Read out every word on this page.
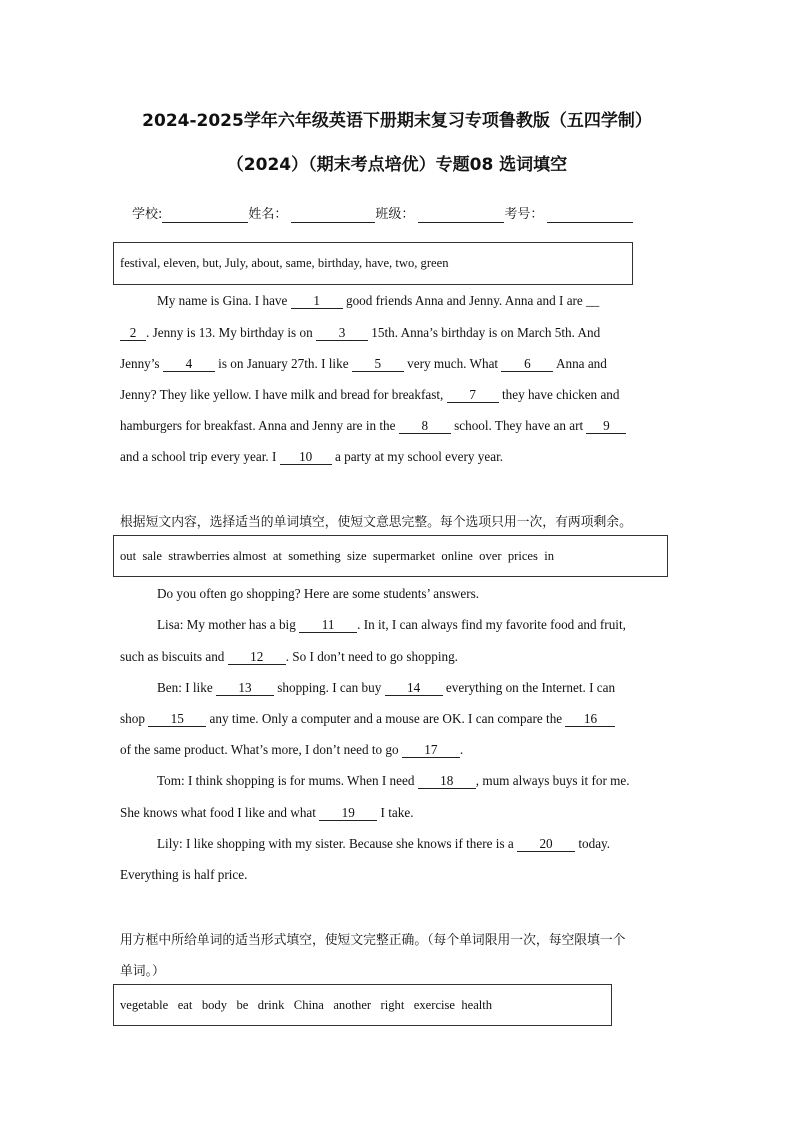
2024-2025学年六年级英语下册期末复习专项鲁教版（五四学制）
（2024）（期末考点培优）专题08 选词填空
学校:	姓名：	班级：	考号：
festival, eleven, but, July, about, same, birthday, have, two, green
My name is Gina. I have 1 good friends Anna and Jenny. Anna and I are __
2 . Jenny is 13. My birthday is on 3 15th. Anna’s birthday is on March 5th. And
Jenny’s 4 is on January 27th. I like 5 very much. What 6 Anna and
Jenny? They like yellow. I have milk and bread for breakfast, 7 they have chicken and
hamburgers for breakfast. Anna and Jenny are in the 8 school. They have an art 9
and a school trip every year. I 10 a party at my school every year.
根据短文内容，选择适当的单词填空，使短文意思完整。每个选项只用一次，有两项剩余。
out  sale  strawberries almost  at  something  size  supermarket  online  over  prices  in
Do you often go shopping? Here are some students’ answers.
Lisa: My mother has a big 11 . In it, I can always find my favorite food and fruit,
such as biscuits and 12 . So I don’t need to go shopping.
Ben: I like 13 shopping. I can buy 14 everything on the Internet. I can
shop 15 any time. Only a computer and a mouse are OK. I can compare the 16
of the same product. What’s more, I don’t need to go 17 .
Tom: I think shopping is for mums. When I need 18 , mum always buys it for me.
She knows what food I like and what 19 I take.
Lily: I like shopping with my sister. Because she knows if there is a 20 today.
Everything is half price.
用方框中所给单词的适当形式填空，使短文完整正确。（每个单词限用一次，每空限填一个
单词。）
vegetable   eat   body   be   drink   China   another   right   exercise  health
